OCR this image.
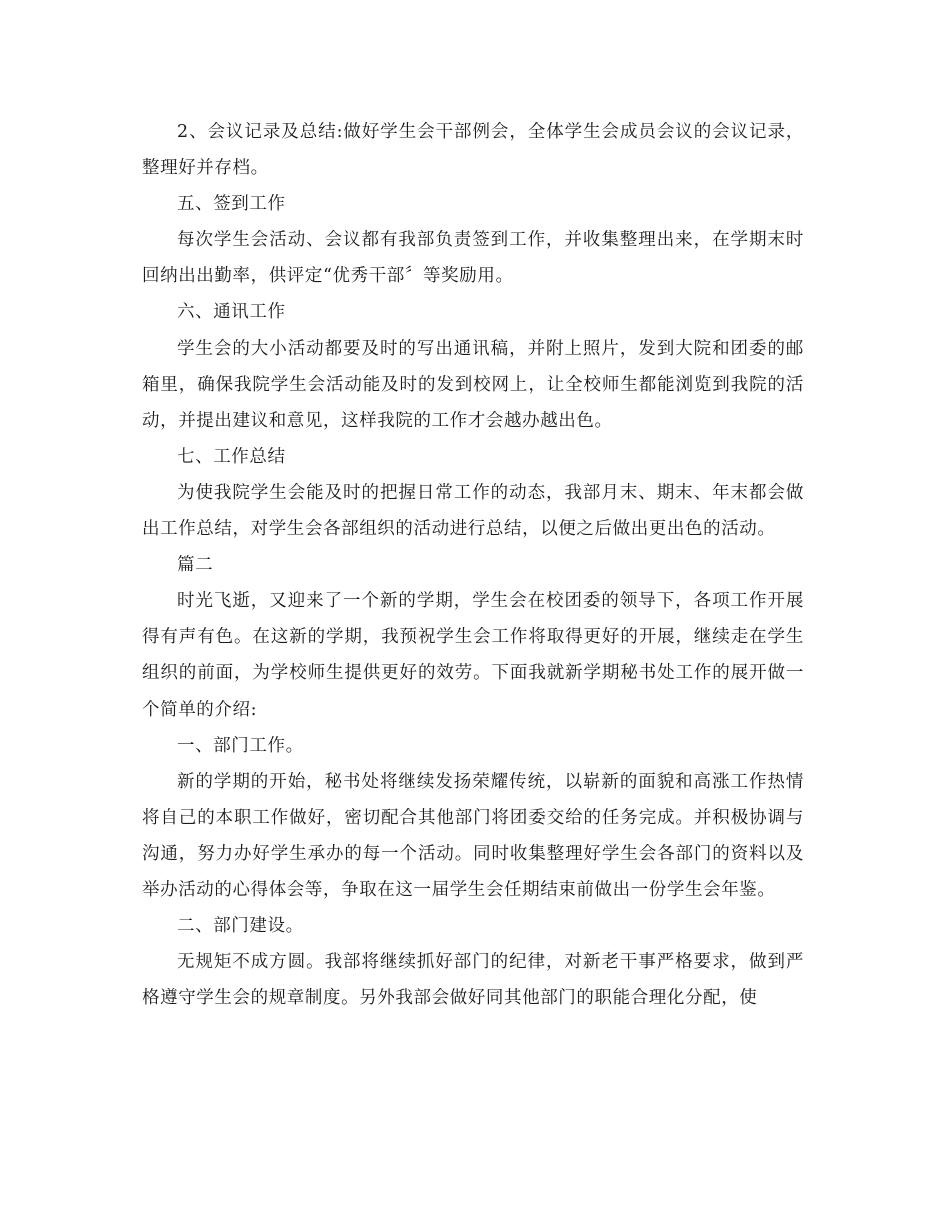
2、会议记录及总结:做好学生会干部例会，全体学生会成员会议的会议记录，整理好并存档。

五、签到工作

每次学生会活动、会议都有我部负责签到工作，并收集整理出来，在学期末时回纳出出勤率，供评定“优秀干部〞等奖励用。

六、通讯工作

学生会的大小活动都要及时的写出通讯稿，并附上照片，发到大院和团委的邮箱里，确保我院学生会活动能及时的发到校网上，让全校师生都能浏览到我院的活动，并提出建议和意见，这样我院的工作才会越办越出色。

七、工作总结

为使我院学生会能及时的把握日常工作的动态，我部月末、期末、年末都会做出工作总结，对学生会各部组织的活动进行总结，以便之后做出更出色的活动。

篇二

时光飞逝，又迎来了一个新的学期，学生会在校团委的领导下，各项工作开展得有声有色。在这新的学期，我预祝学生会工作将取得更好的开展，继续走在学生组织的前面，为学校师生提供更好的效劳。下面我就新学期秘书处工作的展开做一个简单的介绍:

一、部门工作。

新的学期的开始，秘书处将继续发扬荣耀传统，以崭新的面貌和高涨工作热情将自己的本职工作做好，密切配合其他部门将团委交给的任务完成。并积极协调与沟通，努力办好学生承办的每一个活动。同时收集整理好学生会各部门的资料以及举办活动的心得体会等，争取在这一届学生会任期结束前做出一份学生会年鉴。

二、部门建设。

无规矩不成方圆。我部将继续抓好部门的纪律，对新老干事严格要求，做到严格遵守学生会的规章制度。另外我部会做好同其他部门的职能合理化分配，使
